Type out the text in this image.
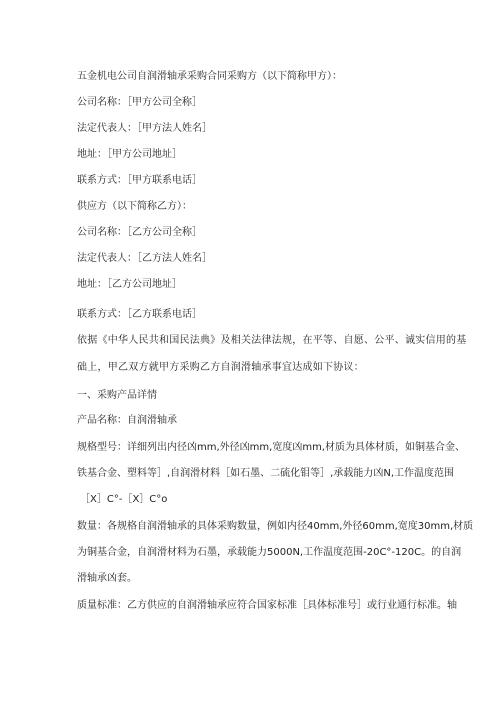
五金机电公司自润滑轴承采购合同采购方（以下简称甲方）：
公司名称：［甲方公司全称］
法定代表人：［甲方法人姓名］
地址：［甲方公司地址］
联系方式：［甲方联系电话］
供应方（以下简称乙方）：
公司名称：［乙方公司全称］
法定代表人：［乙方法人姓名］
地址：［乙方公司地址］
联系方式：［乙方联系电话］
依据《中华人民共和国民法典》及相关法律法规，在平等、自愿、公平、诚实信用的基
础上，甲乙双方就甲方采购乙方自润滑轴承事宜达成如下协议：
一、采购产品详情
产品名称：自润滑轴承
规格型号：详细列出内径凶mm,外径凶mm,宽度凶mm,材质为具体材质，如铜基合金、
铁基合金、塑料等］,自润滑材料［如石墨、二硫化钼等］,承载能力凶N,工作温度范围
［X］C°-［X］C°o
数量：各规格自润滑轴承的具体采购数量，例如内径40mm,外径60mm,宽度30mm,材质
为铜基合金，自润滑材料为石墨，承载能力5000N,工作温度范围-20C°-120C。的自润
滑轴承凶套。
质量标准：乙方供应的自润滑轴承应符合国家标准［具体标准号］或行业通行标准。轴
